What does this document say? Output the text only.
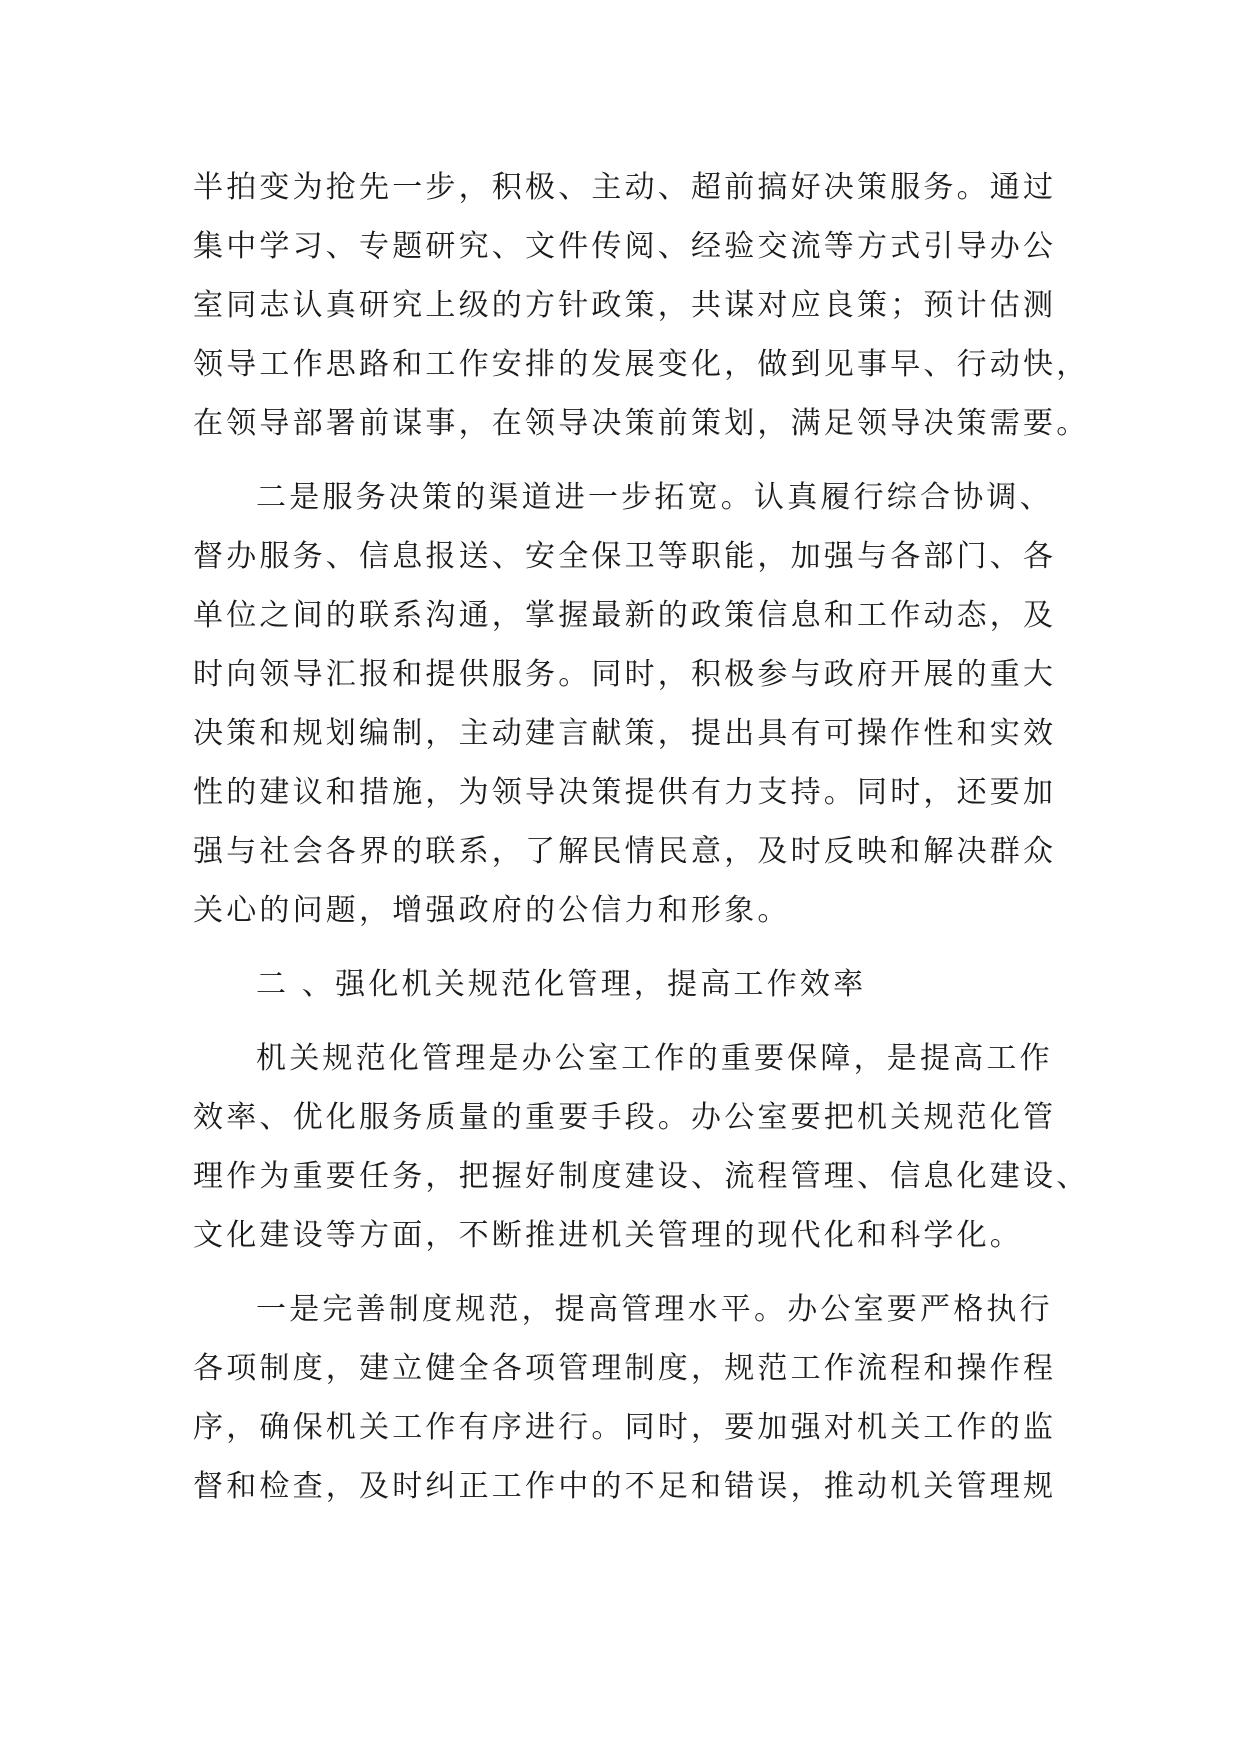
半拍变为抢先一步，积极、主动、超前搞好决策服务。通过
集中学习、专题研究、文件传阅、经验交流等方式引导办公
室同志认真研究上级的方针政策，共谋对应良策；预计估测
领导工作思路和工作安排的发展变化，做到见事早、行动快，
在领导部署前谋事，在领导决策前策划，满足领导决策需要。
二是服务决策的渠道进一步拓宽。认真履行综合协调、
督办服务、信息报送、安全保卫等职能，加强与各部门、各
单位之间的联系沟通，掌握最新的政策信息和工作动态，及
时向领导汇报和提供服务。同时，积极参与政府开展的重大
决策和规划编制，主动建言献策，提出具有可操作性和实效
性的建议和措施，为领导决策提供有力支持。同时，还要加
强与社会各界的联系，了解民情民意，及时反映和解决群众
关心的问题，增强政府的公信力和形象。
二 、强化机关规范化管理，提高工作效率
机关规范化管理是办公室工作的重要保障，是提高工作
效率、优化服务质量的重要手段。办公室要把机关规范化管
理作为重要任务，把握好制度建设、流程管理、信息化建设、
文化建设等方面，不断推进机关管理的现代化和科学化。
一是完善制度规范，提高管理水平。办公室要严格执行
各项制度，建立健全各项管理制度，规范工作流程和操作程
序，确保机关工作有序进行。同时，要加强对机关工作的监
督和检查，及时纠正工作中的不足和错误，推动机关管理规
